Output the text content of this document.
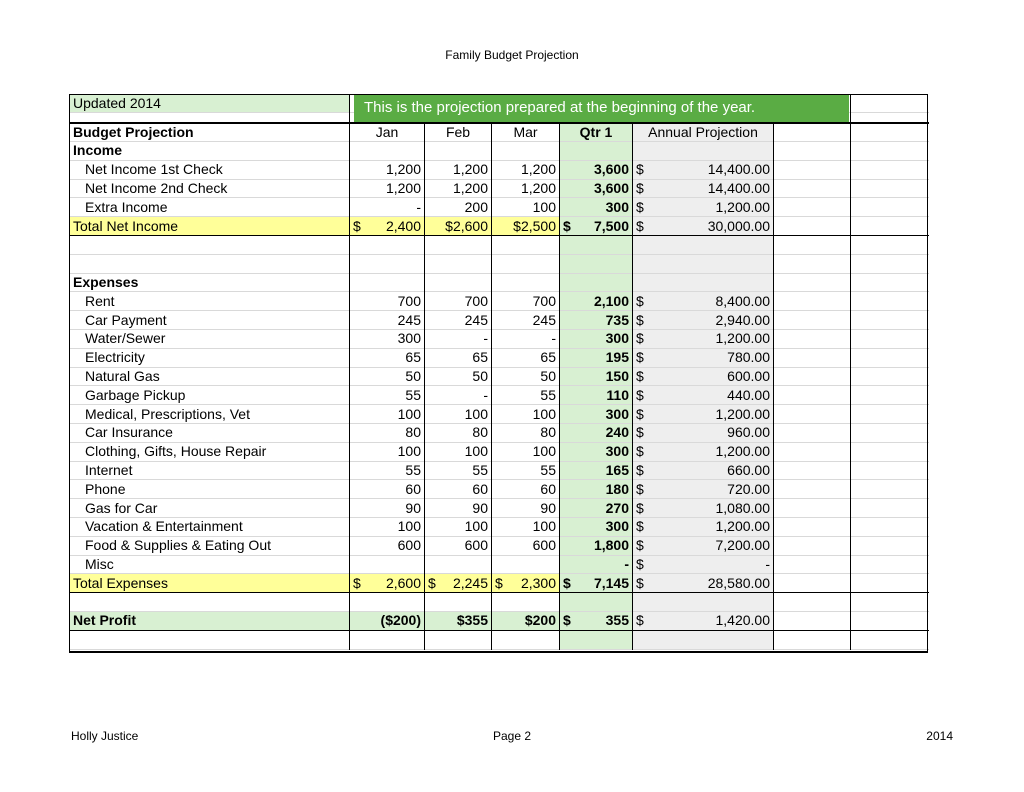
Family Budget Projection
Updated 2014							

Budget Projection	Jan	Feb	Mar	Qtr 1	Annual Projection		
Income							
Net Income 1st Check	1,200	1,200	1,200	3,600	$ 14,400.00		

Net Income 2nd Check	1,200	1,200	1,200	3,600	$ 14,400.00		

Extra Income	-	200	100	300	$ 1,200.00		

Total Net Income	$ 2,400	$2,600	$2,500	$ 7,500	$ 30,000.00		

Expenses							
Rent	700	700	700	2,100	$ 8,400.00		

Car Payment	245	245	245	735	$ 2,940.00		

Water/Sewer	300	-	-	300	$ 1,200.00		

Electricity	65	65	65	195	$ 780.00		

Natural Gas	50	50	50	150	$ 600.00		

Garbage Pickup	55	-	55	110	$ 440.00		

Medical, Prescriptions, Vet	100	100	100	300	$ 1,200.00		

Car Insurance	80	80	80	240	$ 960.00		

Clothing, Gifts, House Repair	100	100	100	300	$ 1,200.00		

Internet	55	55	55	165	$ 660.00		

Phone	60	60	60	180	$ 720.00		

Gas for Car	90	90	90	270	$ 1,080.00		

Vacation & Entertainment	100	100	100	300	$ 1,200.00		

Food & Supplies & Eating Out	600	600	600	1,800	$ 7,200.00		

Misc				-	$ -		

Total Expenses	$ 2,600	$ 2,245	$ 2,300	$ 7,145	$ 28,580.00		

Net Profit	($200)	$355	$200	$ 355	$ 1,420.00		

This is the projection prepared at the beginning of the year.
Holly Justice	Page 2	2014
